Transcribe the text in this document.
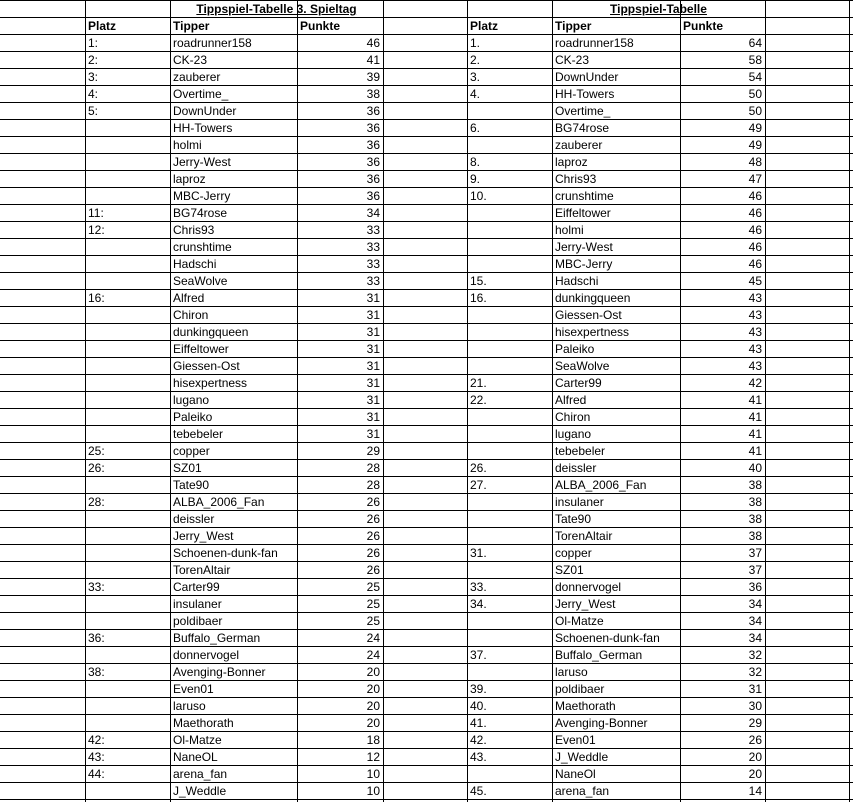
Tippspiel-Tabelle 3. Spieltag
Platz	Tipper	Punkte
1:	roadrunner158	46
2:	CK-23	41
3:	zauberer	39
4:	Overtime_	38
5:	DownUnder	36
HH-Towers	36
holmi	36
Jerry-West	36
laproz	36
MBC-Jerry	36
11:	BG74rose	34
12:	Chris93	33
crunshtime	33
Hadschi	33
SeaWolve	33
16:	Alfred	31
Chiron	31
dunkingqueen	31
Eiffeltower	31
Giessen-Ost	31
hisexpertness	31
lugano	31
Paleiko	31
tebebeler	31
25:	copper	29
26:	SZ01	28
Tate90	28
28:	ALBA_2006_Fan	26
deissler	26
Jerry_West	26
Schoenen-dunk-fan	26
TorenAltair	26
33:	Carter99	25
insulaner	25
poldibaer	25
36:	Buffalo_German	24
donnervogel	24
38:	Avenging-Bonner	20
Even01	20
laruso	20
Maethorath	20
42:	Ol-Matze	18
43:	NaneOL	12
44:	arena_fan	10
J_Weddle	10
Tippspiel-Tabelle
Platz	Tipper	Punkte
1.	roadrunner158	64
2.	CK-23	58
3.	DownUnder	54
4.	HH-Towers	50
Overtime_	50
6.	BG74rose	49
zauberer	49
8.	laproz	48
9.	Chris93	47
10.	crunshtime	46
Eiffeltower	46
holmi	46
Jerry-West	46
MBC-Jerry	46
15.	Hadschi	45
16.	dunkingqueen	43
Giessen-Ost	43
hisexpertness	43
Paleiko	43
SeaWolve	43
21.	Carter99	42
22.	Alfred	41
Chiron	41
lugano	41
tebebeler	41
26.	deissler	40
27.	ALBA_2006_Fan	38
insulaner	38
Tate90	38
TorenAltair	38
31.	copper	37
SZ01	37
33.	donnervogel	36
34.	Jerry_West	34
Ol-Matze	34
Schoenen-dunk-fan	34
37.	Buffalo_German	32
laruso	32
39.	poldibaer	31
40.	Maethorath	30
41.	Avenging-Bonner	29
42.	Even01	26
43.	J_Weddle	20
NaneOl	20
45.	arena_fan	14
